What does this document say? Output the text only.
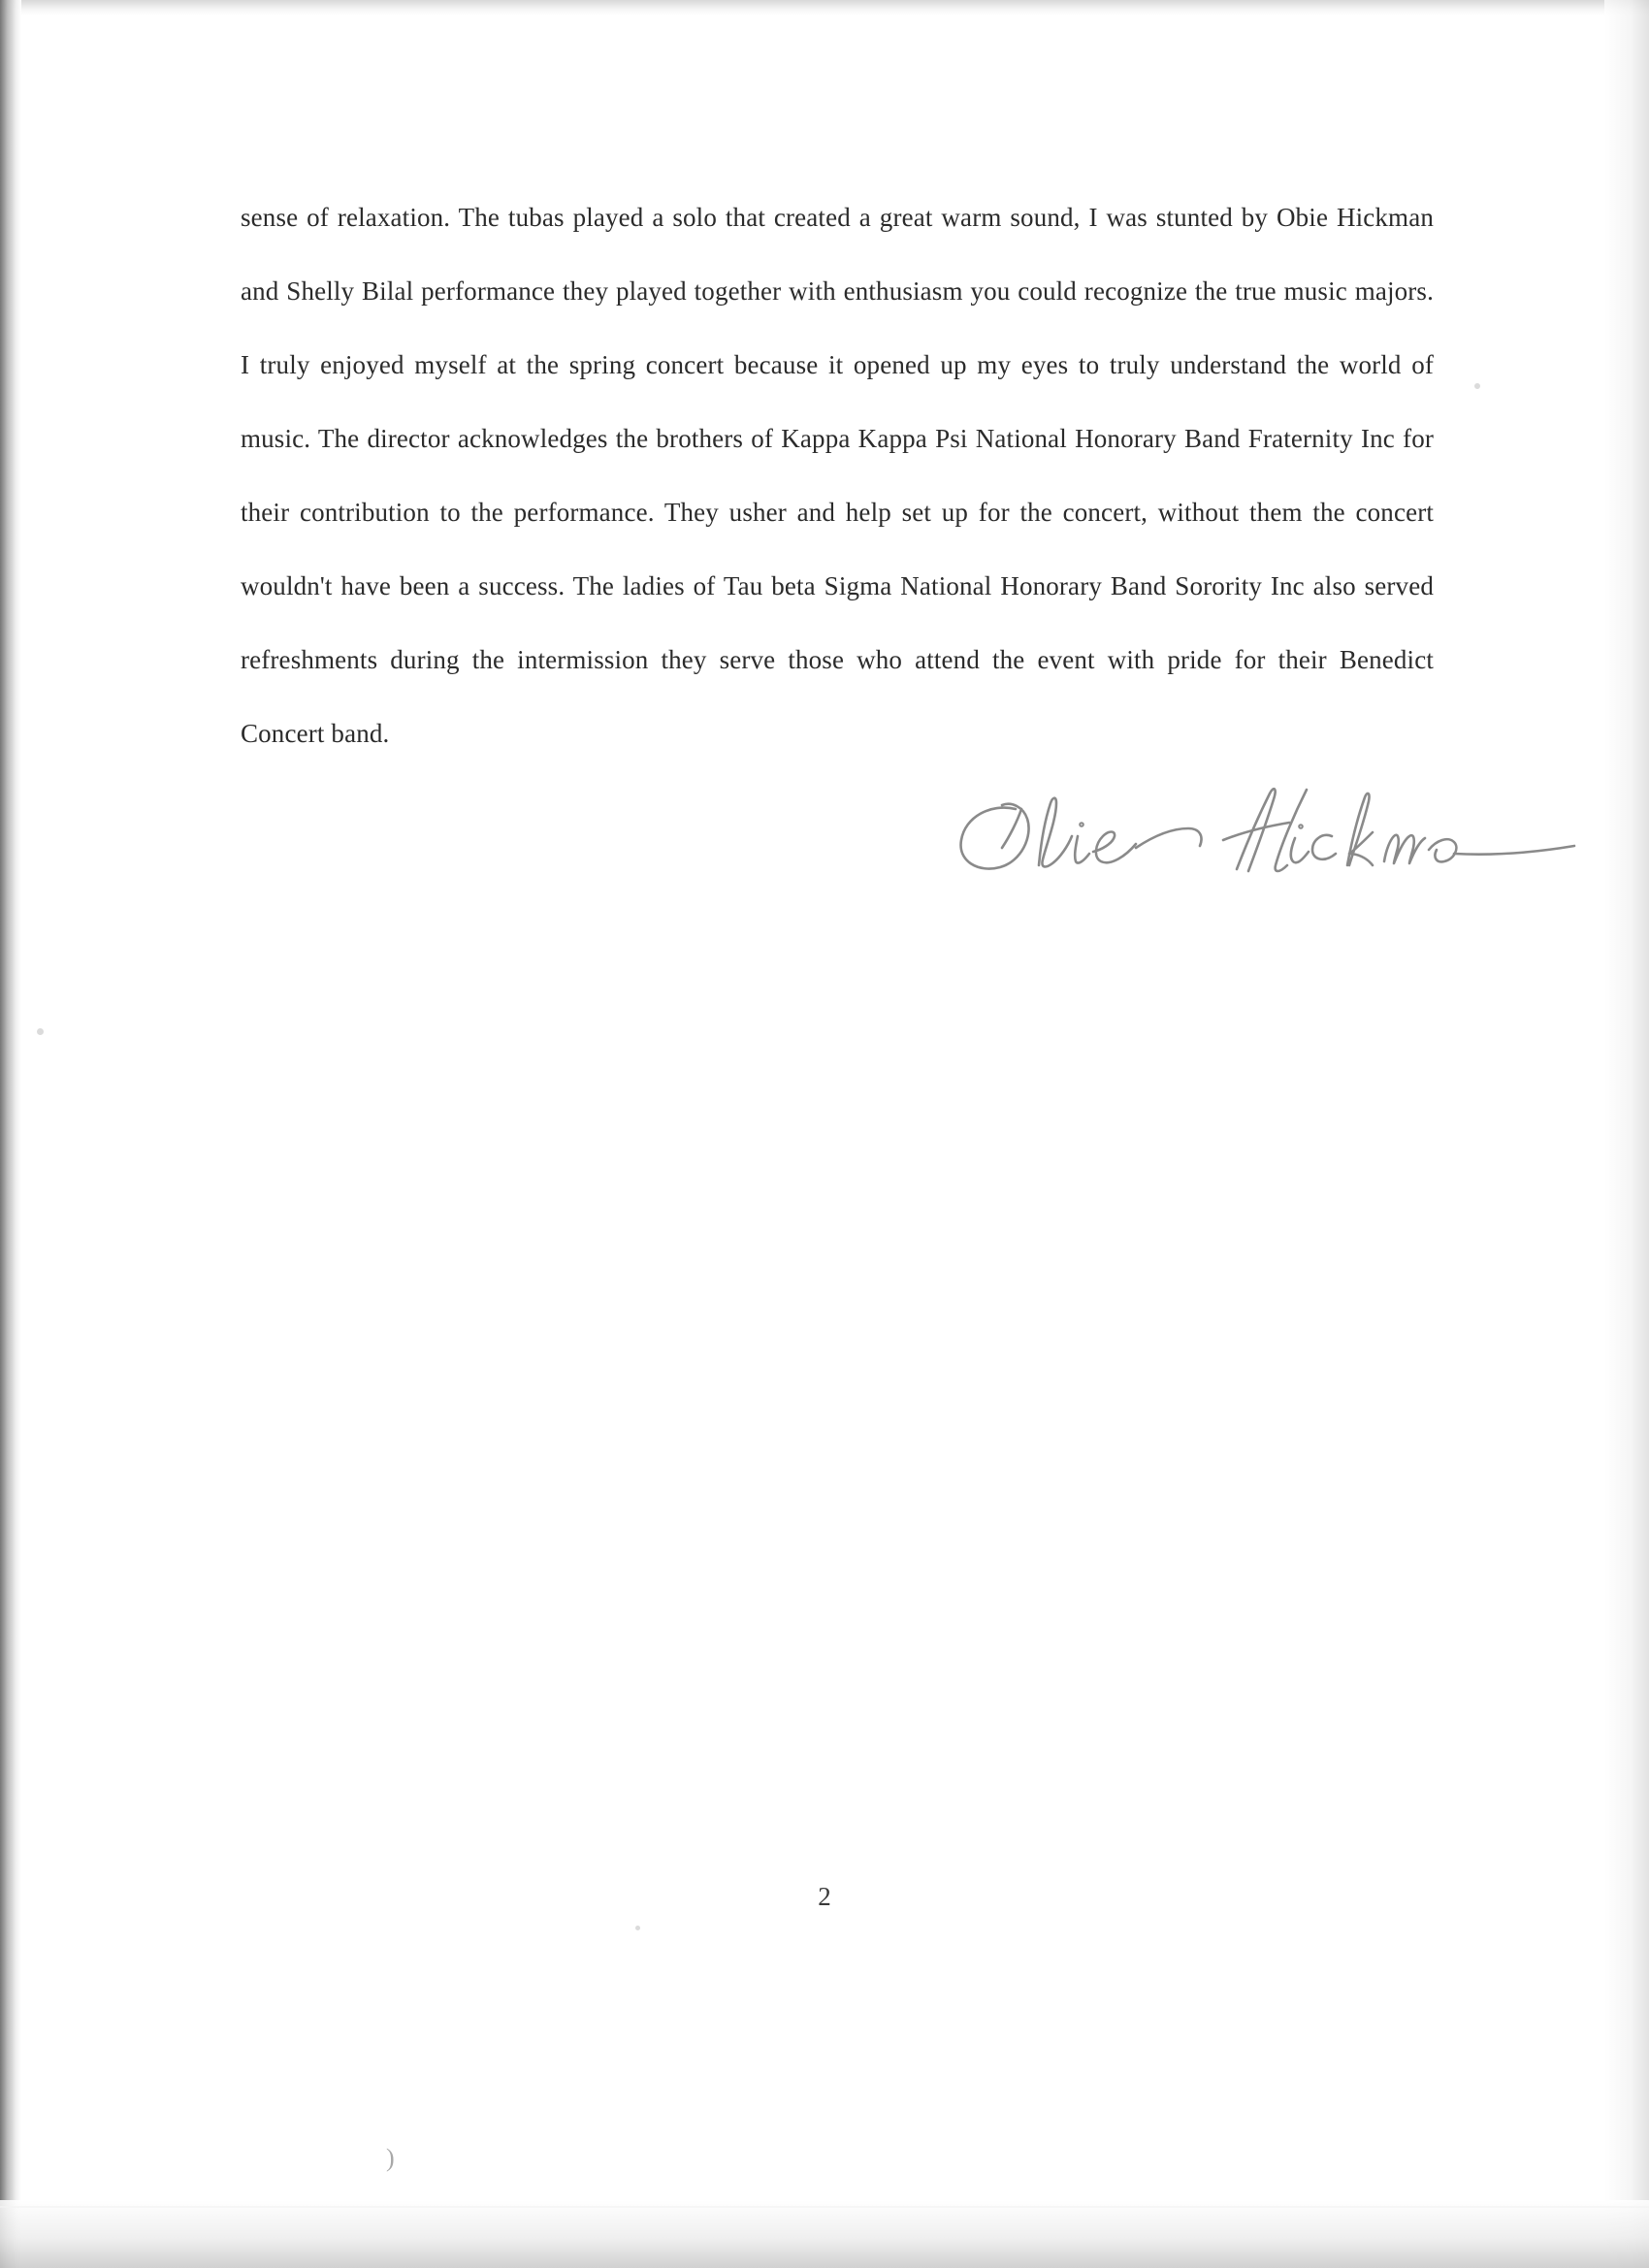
sense of relaxation. The tubas played a solo that created a great warm sound, I was stunted by Obie Hickman and Shelly Bilal performance they played together with enthusiasm you could recognize the true music majors. I truly enjoyed myself at the spring concert because it opened up my eyes to truly understand the world of music. The director acknowledges the brothers of Kappa Kappa Psi National Honorary Band Fraternity Inc for their contribution to the performance. They usher and help set up for the concert, without them the concert wouldn't have been a success. The ladies of Tau beta Sigma National Honorary Band Sorority Inc also served refreshments during the intermission they serve those who attend the event with pride for their Benedict Concert band.

2
)
